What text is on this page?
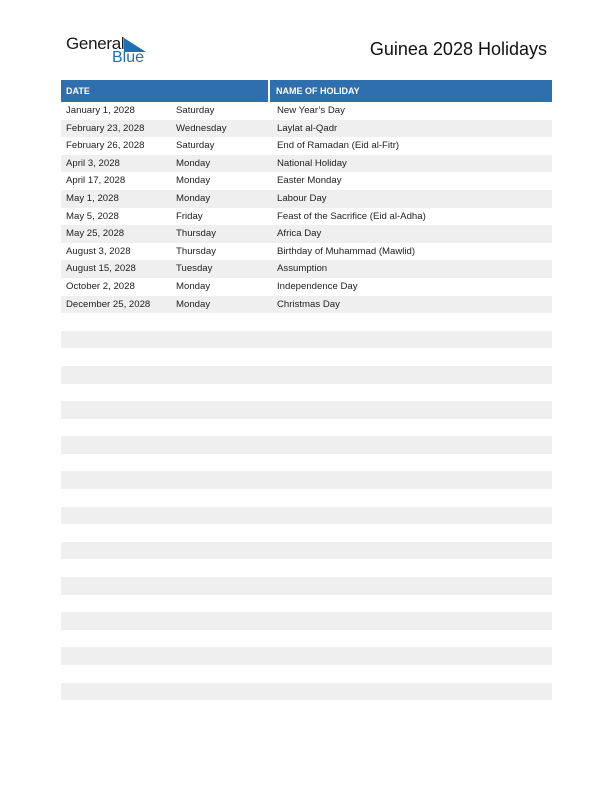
General
Blue	Guinea 2028 Holidays
DATE	NAME OF HOLIDAY
January 1, 2028	Saturday	New Year’s Day
February 23, 2028	Wednesday	Laylat al-Qadr
February 26, 2028	Saturday	End of Ramadan (Eid al-Fitr)
April 3, 2028	Monday	National Holiday
April 17, 2028	Monday	Easter Monday
May 1, 2028	Monday	Labour Day
May 5, 2028	Friday	Feast of the Sacrifice (Eid al-Adha)
May 25, 2028	Thursday	Africa Day
August 3, 2028	Thursday	Birthday of Muhammad (Mawlid)
August 15, 2028	Tuesday	Assumption
October 2, 2028	Monday	Independence Day
December 25, 2028	Monday	Christmas Day
